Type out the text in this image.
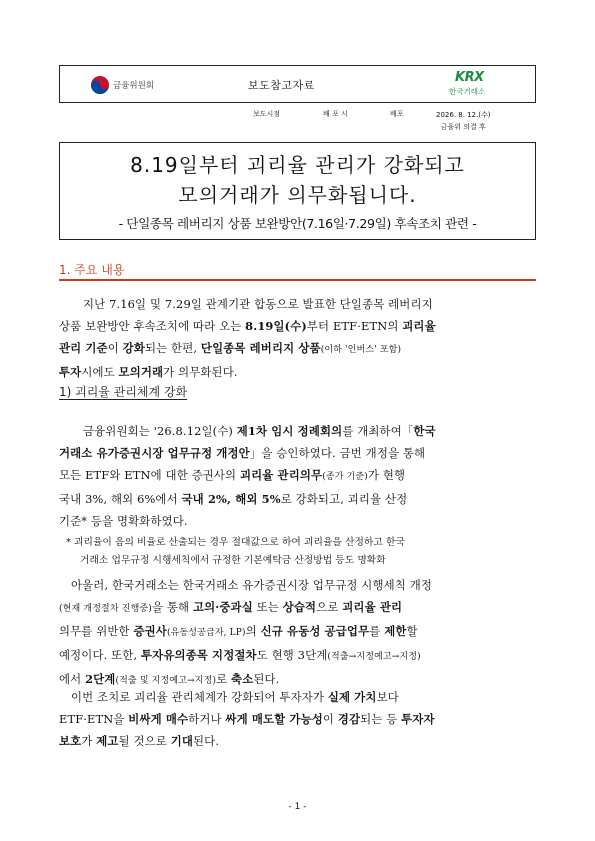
금융위원회	보도참고자료
KRX
한국거래소
보도시점	배 포 시	배포	2026. 8. 12.(수)
금융위 의결 후
8.19일부터 괴리율 관리가 강화되고
모의거래가 의무화됩니다.
- 단일종목 레버리지 상품 보완방안(7.16일·7.29일) 후속조치 관련 -
1. 주요 내용
지난 7.16일 및 7.29일 관계기관 합동으로 발표한 단일종목 레버리지
상품 보완방안 후속조치에 따라 오는 8.19일(수)부터 ETF·ETN의 괴리율
관리 기준이 강화되는 한편, 단일종목 레버리지 상품(이하 '인버스' 포함)
투자시에도 모의거래가 의무화된다.
1) 괴리율 관리체계 강화
금융위원회는 '26.8.12일(수) 제1차 임시 정례회의를 개최하여「한국
거래소 유가증권시장 업무규정 개정안」을 승인하였다. 금번 개정을 통해
모든 ETF와 ETN에 대한 증권사의 괴리율 관리의무(종가 기준)가 현행
국내 3%, 해외 6%에서 국내 2%, 해외 5%로 강화되고, 괴리율 산정
기준* 등을 명확화하였다.
* 괴리율이 음의 비율로 산출되는 경우 절대값으로 하여 괴리율을 산정하고 한국
거래소 업무규정 시행세칙에서 규정한 기본예탁금 산정방법 등도 명확화
아울러, 한국거래소는 한국거래소 유가증권시장 업무규정 시행세칙 개정
(현재 개정절차 진행중)을 통해 고의·중과실 또는 상습적으로 괴리율 관리
의무를 위반한 증권사(유동성공급자, LP)의 신규 유동성 공급업무를 제한할
예정이다. 또한, 투자유의종목 지정절차도 현행 3단계(적출→지정예고→지정)
에서 2단계(적출 및 지정예고→지정)로 축소된다.
이번 조치로 괴리율 관리체계가 강화되어 투자자가 실제 가치보다
ETF·ETN을 비싸게 매수하거나 싸게 매도할 가능성이 경감되는 등 투자자
보호가 제고될 것으로 기대된다.
- 1 -
